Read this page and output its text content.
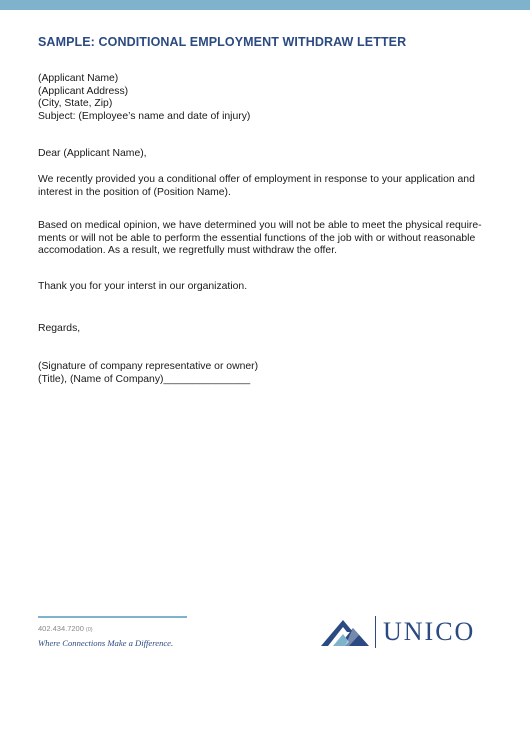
SAMPLE: CONDITIONAL EMPLOYMENT WITHDRAW LETTER
(Applicant Name)
(Applicant Address)
(City, State, Zip)
Subject: (Employee’s name and date of injury)

Dear (Applicant Name),

We recently provided you a conditional offer of employment in response to your application and interest in the position of (Position Name).

Based on medical opinion, we have determined you will not be able to meet the physical require-ments or will not be able to perform the essential functions of the job with or without reasonable accomodation. As a result, we regretfully must withdraw the offer.

Thank you for your interst in our organization.

Regards,

(Signature of company representative or owner)
(Title), (Name of Company)_______________
402.434.7200 (0)
Where Connections Make a Difference.	UNICO
